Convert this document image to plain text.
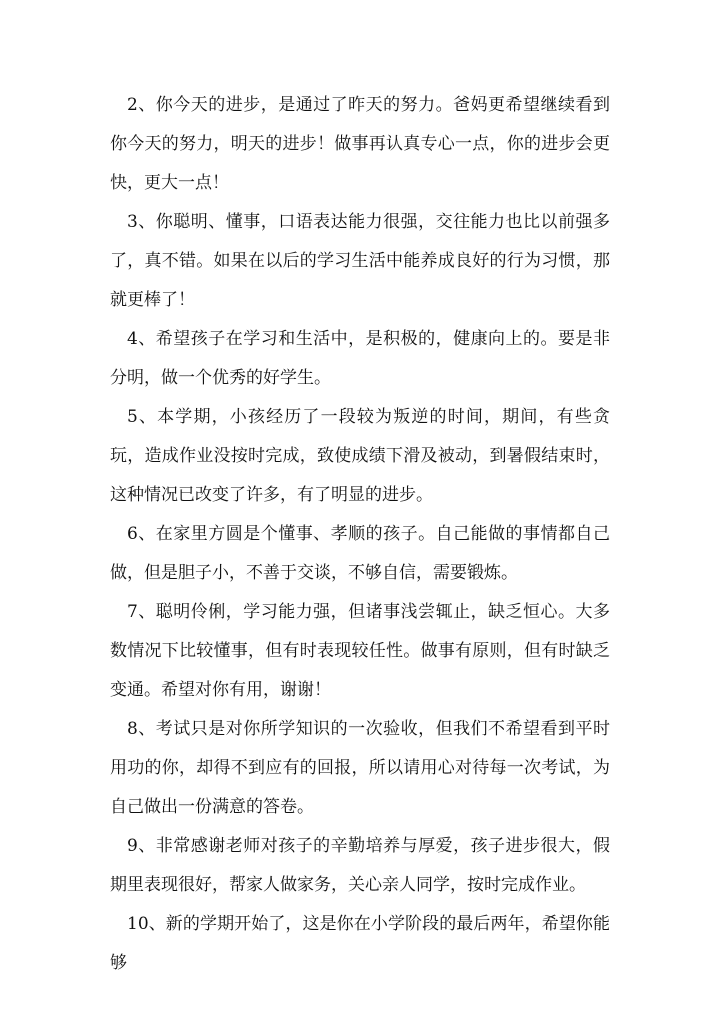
2、你今天的进步，是通过了昨天的努力。爸妈更希望继续看到你今天的努力，明天的进步！做事再认真专心一点，你的进步会更快，更大一点！

3、你聪明、懂事，口语表达能力很强，交往能力也比以前强多了，真不错。如果在以后的学习生活中能养成良好的行为习惯，那就更棒了！

4、希望孩子在学习和生活中，是积极的，健康向上的。要是非分明，做一个优秀的好学生。

5、本学期，小孩经历了一段较为叛逆的时间，期间，有些贪玩，造成作业没按时完成，致使成绩下滑及被动，到暑假结束时，这种情况已改变了许多，有了明显的进步。

6、在家里方圆是个懂事、孝顺的孩子。自己能做的事情都自己做，但是胆子小，不善于交谈，不够自信，需要锻炼。

7、聪明伶俐，学习能力强，但诸事浅尝辄止，缺乏恒心。大多数情况下比较懂事，但有时表现较任性。做事有原则，但有时缺乏变通。希望对你有用，谢谢！

8、考试只是对你所学知识的一次验收，但我们不希望看到平时用功的你，却得不到应有的回报，所以请用心对待每一次考试，为自己做出一份满意的答卷。

9、非常感谢老师对孩子的辛勤培养与厚爱，孩子进步很大，假期里表现很好，帮家人做家务，关心亲人同学，按时完成作业。

10、新的学期开始了，这是你在小学阶段的最后两年，希望你能够
